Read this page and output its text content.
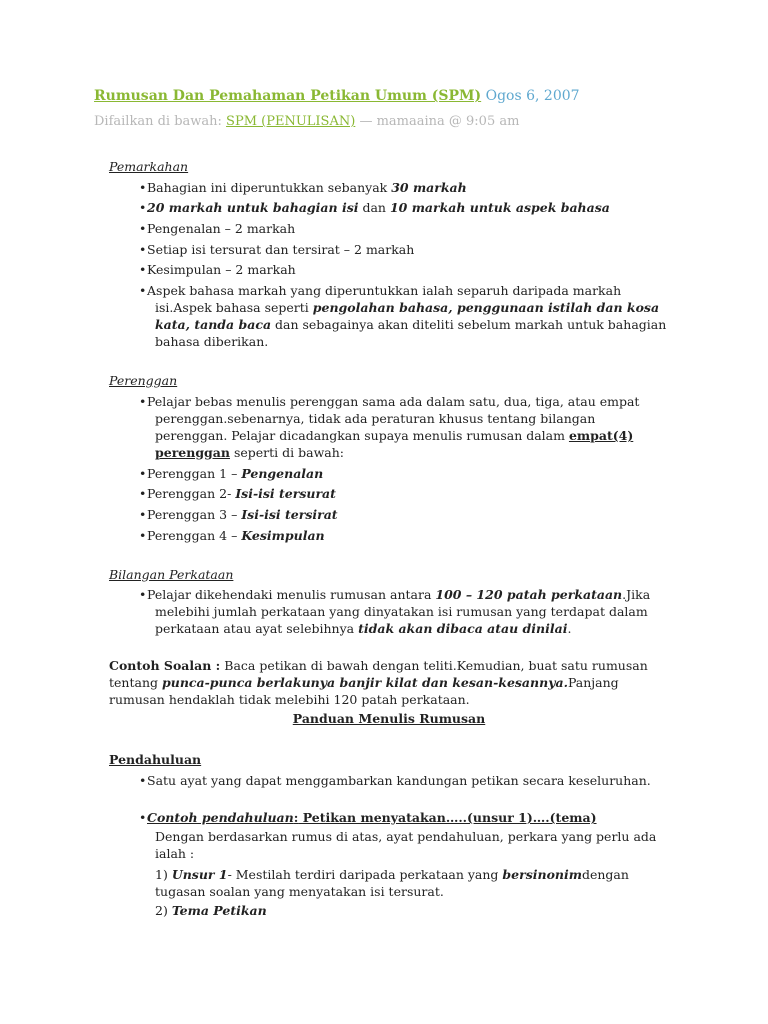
Rumusan Dan Pemahaman Petikan Umum (SPM) Ogos 6, 2007
Difailkan di bawah: SPM (PENULISAN) — mamaaina @ 9:05 am
Pemarkahan
•Bahagian ini diperuntukkan sebanyak 30 markah
•20 markah untuk bahagian isi dan 10 markah untuk aspek bahasa
•Pengenalan – 2 markah
•Setiap isi tersurat dan tersirat – 2 markah
•Kesimpulan – 2 markah
•Aspek bahasa markah yang diperuntukkan ialah separuh daripada markah isi.Aspek bahasa seperti pengolahan bahasa, penggunaan istilah dan kosa kata, tanda baca dan sebagainya akan diteliti sebelum markah untuk bahagian bahasa diberikan.
Perenggan
•Pelajar bebas menulis perenggan sama ada dalam satu, dua, tiga, atau empat perenggan.sebenarnya, tidak ada peraturan khusus tentang bilangan perenggan. Pelajar dicadangkan supaya menulis rumusan dalam empat(4) perenggan seperti di bawah:
•Perenggan 1 – Pengenalan
•Perenggan 2- Isi-isi tersurat
•Perenggan 3 – Isi-isi tersirat
•Perenggan 4 – Kesimpulan
Bilangan Perkataan
•Pelajar dikehendaki menulis rumusan antara 100 – 120 patah perkataan.Jika melebihi jumlah perkataan yang dinyatakan isi rumusan yang terdapat dalam perkataan atau ayat selebihnya tidak akan dibaca atau dinilai.
Contoh Soalan : Baca petikan di bawah dengan teliti.Kemudian, buat satu rumusan tentang punca-punca berlakunya banjir kilat dan kesan-kesannya.Panjang rumusan hendaklah tidak melebihi 120 patah perkataan.
Panduan Menulis Rumusan
Pendahuluan
•Satu ayat yang dapat menggambarkan kandungan petikan secara keseluruhan.
•Contoh pendahuluan: Petikan menyatakan…..(unsur 1)….(tema)
Dengan berdasarkan rumus di atas, ayat pendahuluan, perkara yang perlu ada ialah :
1) Unsur 1- Mestilah terdiri daripada perkataan yang bersinonimdengan tugasan soalan yang menyatakan isi tersurat.
2) Tema Petikan
